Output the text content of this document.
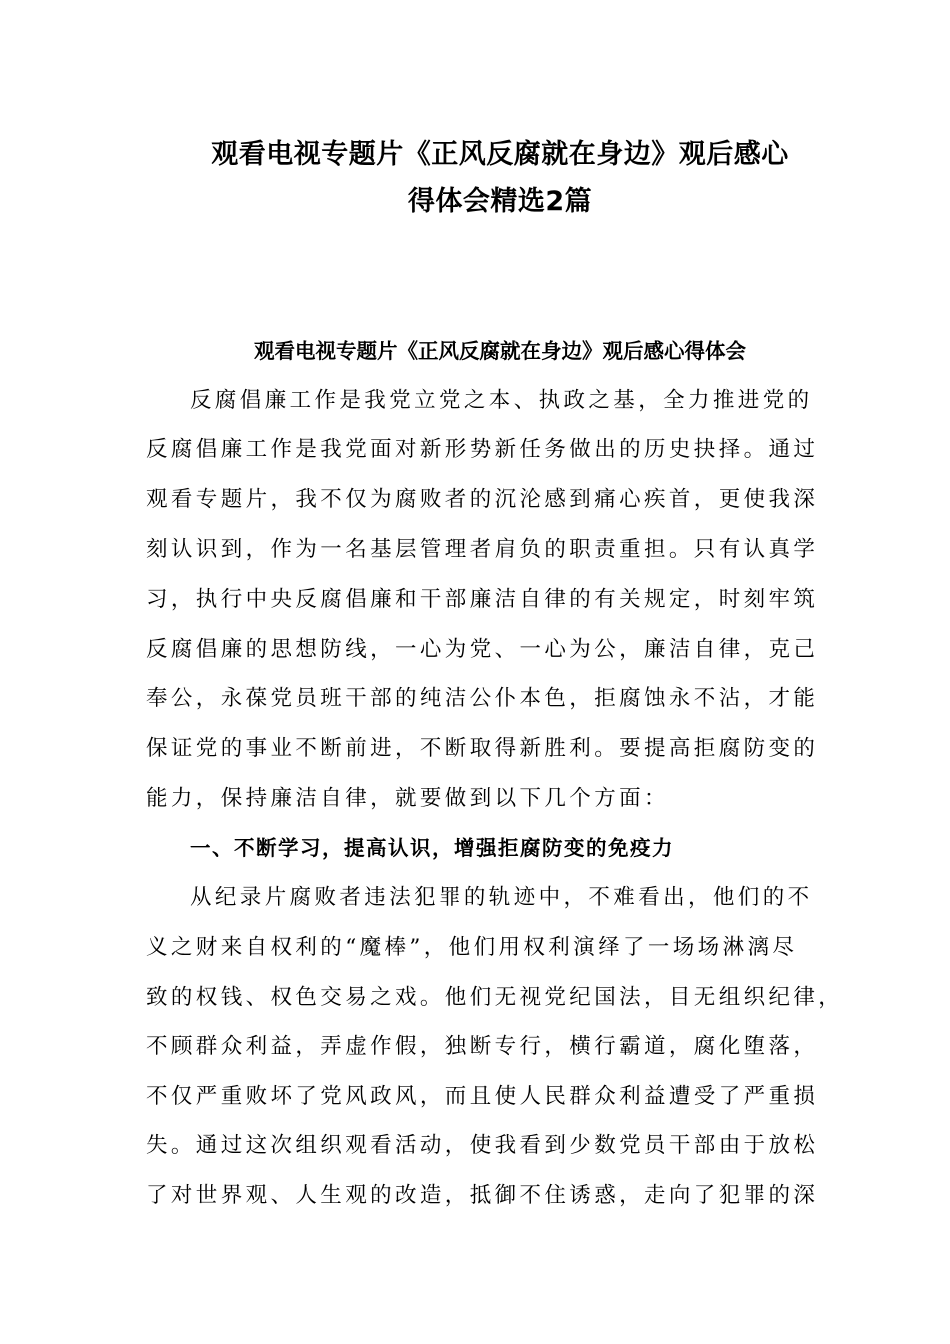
观看电视专题片《正风反腐就在身边》观后感心
得体会精选2篇
观看电视专题片《正风反腐就在身边》观后感心得体会
反腐倡廉工作是我党立党之本、执政之基，全力推进党的
反腐倡廉工作是我党面对新形势新任务做出的历史抉择。通过
观看专题片，我不仅为腐败者的沉沦感到痛心疾首，更使我深
刻认识到，作为一名基层管理者肩负的职责重担。只有认真学
习，执行中央反腐倡廉和干部廉洁自律的有关规定，时刻牢筑
反腐倡廉的思想防线，一心为党、一心为公，廉洁自律，克己
奉公，永葆党员班干部的纯洁公仆本色，拒腐蚀永不沾，才能
保证党的事业不断前进，不断取得新胜利。要提高拒腐防变的
能力，保持廉洁自律，就要做到以下几个方面：
一、不断学习，提高认识，增强拒腐防变的免疫力
从纪录片腐败者违法犯罪的轨迹中，不难看出，他们的不
义之财来自权利的“魔棒”，他们用权利演绎了一场场淋漓尽
致的权钱、权色交易之戏。他们无视党纪国法，目无组织纪律，
不顾群众利益，弄虚作假，独断专行，横行霸道，腐化堕落，
不仅严重败坏了党风政风，而且使人民群众利益遭受了严重损
失。通过这次组织观看活动，使我看到少数党员干部由于放松
了对世界观、人生观的改造，抵御不住诱惑，走向了犯罪的深
